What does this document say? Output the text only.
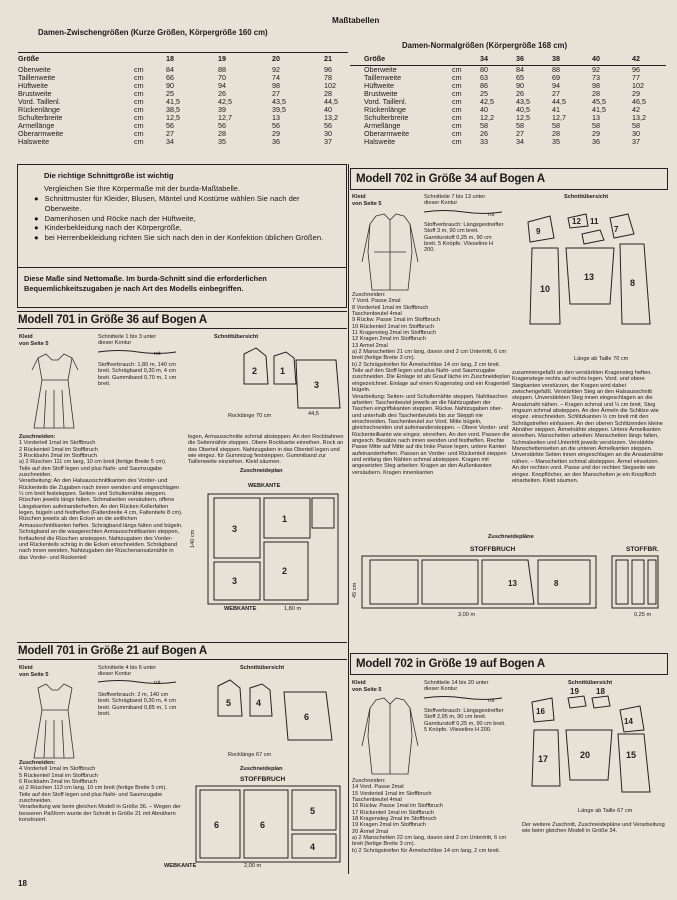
Maßtabellen
Damen-Zwischengrößen (Kurze Größen, Körpergröße 160 cm)
Damen-Normalgrößen (Körpergröße 168 cm)
Größe	18	19	20	21
Oberweite	cm	84	88	92	96
Taillenweite	cm	66	70	74	78
Hüftweite	cm	90	94	98	102
Brustweite	cm	25	26	27	28
Vord. Taillenl.	cm	41,5	42,5	43,5	44,5
Rückenlänge	cm	38,5	39	39,5	40
Schulterbreite	cm	12,5	12,7	13	13,2
Armellänge	cm	56	56	56	56
Oberarmweite	cm	27	28	29	30
Halsweite	cm	34	35	36	37
Größe	34	36	38	40	42
Oberweite	cm	80	84	88	92	96
Taillenweite	cm	63	65	69	73	77
Hüftweite	cm	86	90	94	98	102
Brustweite	cm	25	26	27	28	29
Vord. Taillenl.	cm	42,5	43,5	44,5	45,5	46,5
Rückenlänge	cm	40	40,5	41	41,5	42
Schulterbreite	cm	12,2	12,5	12,7	13	13,2
Armellänge	cm	58	58	58	58	58
Oberarmweite	cm	26	27	28	29	30
Halsweite	cm	33	34	35	36	37
Die richtige Schnittgröße ist wichtig
Vergleichen Sie Ihre Körpermaße mit der burda-Maßtabelle.
● Schnittmuster für Kleider, Blusen, Mäntel und Kostüme wählen Sie nach der Oberweite.
● Damenhosen und Röcke nach der Hüftweite,
● Kinderbekleidung nach der Körpergröße,
● bei Herrenbekleidung richten Sie sich nach den in der Konfektion üblichen Größen.
Diese Maße sind Nettomaße. Im burda-Schnitt sind die erforderlichen Bequemlichkeitszugaben je nach Art des Modells einbegriffen.
Modell 701 in Größe 36 auf Bogen A
Kleid
von Seite 5
Schnitteile 1 bis 3 unter dieser Kontur
rot
Stoffverbrauch: 1,80 m, 140 cm breit. Schrägband 0,30 m, 4 cm breit. Gummiband 0,70 m, 1 cm breit.
Schnittübersicht
2	1
3
Rocklänge 70 cm	44,5
Zuschneiden:
1 Vorderteil 1mal im Stoffbruch
2 Rückenteil 1mal im Stoffbruch
3 Rockbahn 2mal im Stoffbruch
a) 2 Rüschen 111 cm lang, 10 cm breit (fertige Breite 5 cm).
Teile auf den Stoff legen und plus Naht- und Saumzugabe zuschneiden.
Verarbeitung: An den Halsausschnittkanten des Vorder- und Rückenteils die Zugaben nach innen wenden und eingeschlagen ½ cm breit feststeppen. Seiten- und Schulternähte steppen. Rüschen jeweils längs falten, Schmalseiten versäubern, offene Längskanten aufeinanderheften. An den Rücken Kellerfalten legen, bügeln und festheften (Faltenbreite 4 cm, Faltentiefe 8 cm). Rüschen jeweils ab den Ecken an die seitlichen Armausschnittkanten heften. Schrägband längs falten und bügeln. Schrägband an die waagerechten Armausschnittkanten steppen, fortlaufend die Rüschen ansteppen. Nahtzugaben des Vorder- und Rückenteils schräg in die Ecken einschneiden. Schrägband nach innen wenden, Nahtzugaben der Rüschenansatznähte in das Vorder- und Rückenteil
legen, Armausschnitte schmal absteppen. An den Rockbahnen die Seitennähte steppen. Obere Rockkante einreihen. Rock an das Oberteil steppen. Nahtzugaben in das Oberteil legen und wie eingez. für Gummizug feststeppen. Gummiband zur Taillenweite einziehen. Kleid säumen.
Zuschneideplan
WEBKANTE
3
3
1
2
140 cm
WEBKANTE	1,80 m
Modell 701 in Größe 21 auf Bogen A
Kleid
von Seite 5
Schnitteile 4 bis 6 unter dieser Kontur
rot
Stoffverbrauch: 2 m, 140 cm breit. Schrägband 0,30 m, 4 cm breit. Gummiband 0,85 m, 1 cm breit.
Schnittübersicht
5	4
6
Rocklänge 67 cm
Zuschneiden:
4 Vorderteil 1mal im Stoffbruch
5 Rückenteil 1mal im Stoffbruch
6 Rockbahn 2mal im Stoffbruch
a) 2 Rüschen 113 cm lang, 10 cm breit (fertige Breite 5 cm).
Teile auf den Stoff legen und plus Naht- und Saumzugabe zuschneiden.
Verarbeitung wie beim gleichen Modell in Größe 36. – Wegen der besseren Paßform wurde der Schnitt in Größe 21 mit Abnähern konstruiert.
Zuschneideplan
STOFFBRUCH
6	6
5
4
WEBKANTE	2,00 m
Modell 702 in Größe 34 auf Bogen A
Kleid
von Seite 5
Schnitteile 7 bis 13 unter dieser Kontur
rot
Stoffverbrauch: Längsgestreifter Stoff 3 m, 90 cm breit. Garniturstoff 0,25 m, 90 cm breit. 5 Knöpfe. Vlieseline H 200.
Schnittübersicht
9
12 11
7
10
13
8
Länge ab Taille 70 cm
Zuschneiden:
7 Vord. Passe 2mal
8 Vorderteil 1mal im Stoffbruch
Taschenbeutel 4mal
9 Rückw. Passe 1mal im Stoffbruch
10 Rückenteil 1mal im Stoffbruch
11 Kragensteg 2mal im Stoffbruch
12 Kragen 2mal im Stoffbruch
13 Armel 2mal
a) 2 Manschetten 21 cm lang, davon sind 2 cm Untertritt, 6 cm breit (fertige Breite 3 cm).
b) 2 Schrägstreifen für Ärmelschlitze 14 cm lang, 2 cm breit.
Teile auf den Stoff legen und plus Naht- und Saumzugabe zuschneiden. Die Einlage ist als Grauf läche im Zuschneideplan eingezeichnet. Einlage auf einen Kragensteg und ein Kragenteil bügeln.
Verarbeitung: Seiten- und Schulternähte steppen. Nahttaschen arbeiten: Taschenbeutel jeweils an die Nahtzugaben der Taschen eingriffskanten steppen. Rückw. Nahtzugaben ober- und unterhalb des Taschenbeutels bis zur Steppli nie einschneiden. Taschenbeutel zur Vord. Mitte bügeln, gleichschneiden und aufeinandersteppen. – Obere Vorder- und Rückenteilkante wie eingez. einreihen. An den vord. Passen die angesch. Besätze nach innen wenden und festheften. Rechte Passe Mitte auf Mitte auf die linke Passe legen, untere Kanten aufeinanderheften. Passen an Vorder- und Rückenteil steppen und entlang den Nähten schmal absteppen. Kragen mit angesetzten Steg arbeiten: Kragen an den Außenkanten versäubern. Kragen innenkanten
zusammengefaßt an den verstärkten Kragensteg heften. Kragenstege rechts auf rechts legen. Vord. und obere Stegkanten verstürzen, der Kragen wird dabei zwischengefaßt. Verstärkten Steg an den Halsausschnitt steppen. Unverstärkten Steg innen eingeschlagen an die Ansatznaht nähen. – Kragen schmal und ¼ cm breit, Steg ringsum schmal absteppen. An den Ärmeln die Schlitze wie eingez. einschneiden. Schlitzkanten ½ cm breit mit den Schrägstreifen einfassen. An den oberen Schlitzenden kleine Abnäher steppen. Ärmelnähte steppen. Untere Ärmelkanten einreihen. Manschetten arbeiten: Manschetten längs falten, Schmalseiten und Untertritt jeweils verstürzen. Verstärkte Manschettenseiten an die unteren Ärmelkanten steppen. Unverstärkte Seiten innen eingeschlagen an die Ansatznähte nähen. – Manschetten schmal absteppen. Ärmel einsetzen. An der rechten vord. Passe und der rechten Stegseite wie eingez. Knopflöcher, an den Manschetten je ein Knopfloch einarbeiten. Kleid säumen.
Zuschneidepläne
STOFFBRUCH	STOFFBR.
13	8
45 cm
3,00 m	0,25 m
Modell 702 in Größe 19 auf Bogen A
Kleid
von Seite 5
Schnitteile 14 bis 20 unter dieser Kontur
rot
Stoffverbrauch: Längsgestreifter Stoff 2,95 m, 90 cm breit. Garniturstoff 0,25 m, 90 cm breit. 5 Knöpfe. Vlieseline H 200.
Schnittübersicht
16
19 18
14
17	20	15
Länge ab Taille 67 cm
Zuschneiden:
14 Vord. Passe 2mal
15 Vorderteil 1mal im Stoffbruch
Taschenbeutel 4mal
16 Rückw. Passe 1mal im Stoffbruch
17 Rückenteil 1mal im Stoffbruch
18 Kragensteg 2mal im Stoffbruch
19 Kragen 2mal im Stoffbruch
20 Ärmel 2mal
a) 2 Manschetten 22 cm lang, davon sind 2 cm Untertritt, 6 cm breit (fertige Breite 3 cm).
b) 2 Schrägstreifen für Ärmelschlitze 14 cm lang, 2 cm breit.
Der weitere Zuschnitt, Zuschneidepläne und Verarbeitung wie beim gleichen Modell in Größe 34.
18
